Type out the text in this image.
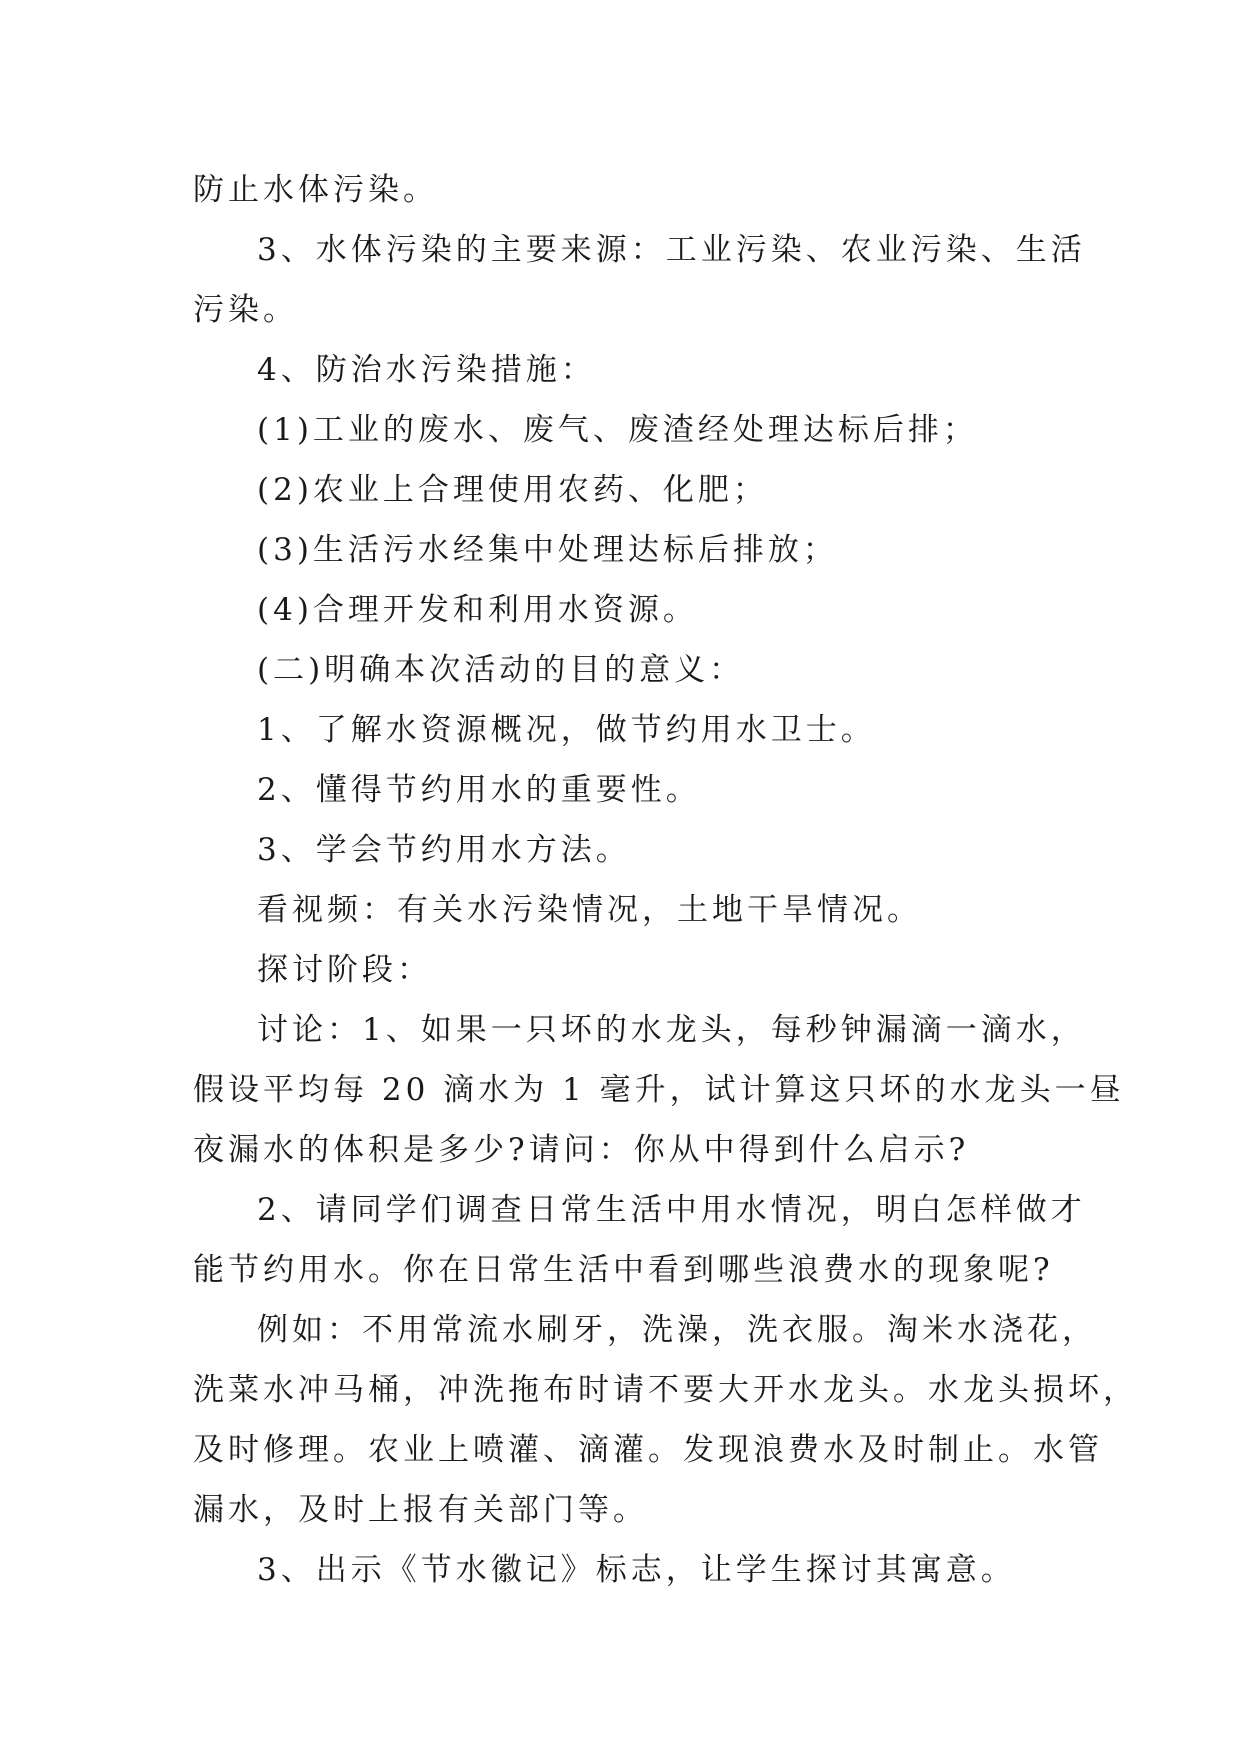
防止水体污染。
3、水体污染的主要来源：工业污染、农业污染、生活
污染。
4、防治水污染措施：
(1)工业的废水、废气、废渣经处理达标后排；
(2)农业上合理使用农药、化肥；
(3)生活污水经集中处理达标后排放；
(4)合理开发和利用水资源。
(二)明确本次活动的目的意义：
1、了解水资源概况，做节约用水卫士。
2、懂得节约用水的重要性。
3、学会节约用水方法。
看视频：有关水污染情况，土地干旱情况。
探讨阶段：
讨论：1、如果一只坏的水龙头，每秒钟漏滴一滴水，
假设平均每 20 滴水为 1 毫升，试计算这只坏的水龙头一昼
夜漏水的体积是多少?请问：你从中得到什么启示?
2、请同学们调查日常生活中用水情况，明白怎样做才
能节约用水。你在日常生活中看到哪些浪费水的现象呢?
例如：不用常流水刷牙，洗澡，洗衣服。淘米水浇花，
洗菜水冲马桶，冲洗拖布时请不要大开水龙头。水龙头损坏，
及时修理。农业上喷灌、滴灌。发现浪费水及时制止。水管
漏水，及时上报有关部门等。
3、出示《节水徽记》标志，让学生探讨其寓意。
